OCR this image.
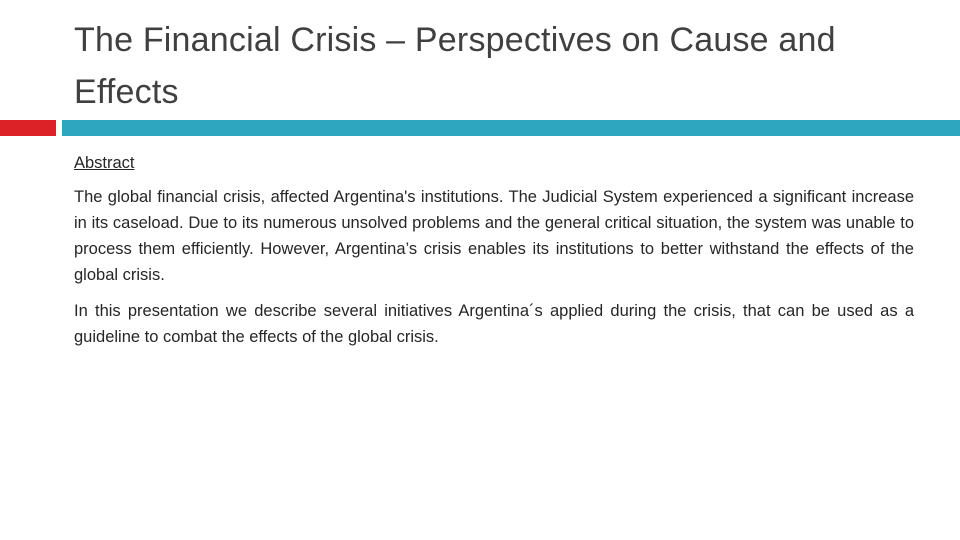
The Financial Crisis – Perspectives on Cause and Effects

Abstract

The global financial crisis, affected Argentina's institutions. The Judicial System experienced a significant increase in its caseload. Due to its numerous unsolved problems and the general critical situation, the system was unable to process them efficiently. However, Argentina’s crisis enables its institutions to better withstand the effects of the global crisis.

In this presentation we describe several initiatives Argentina´s applied during the crisis, that can be used as a guideline to combat the effects of the global crisis.
